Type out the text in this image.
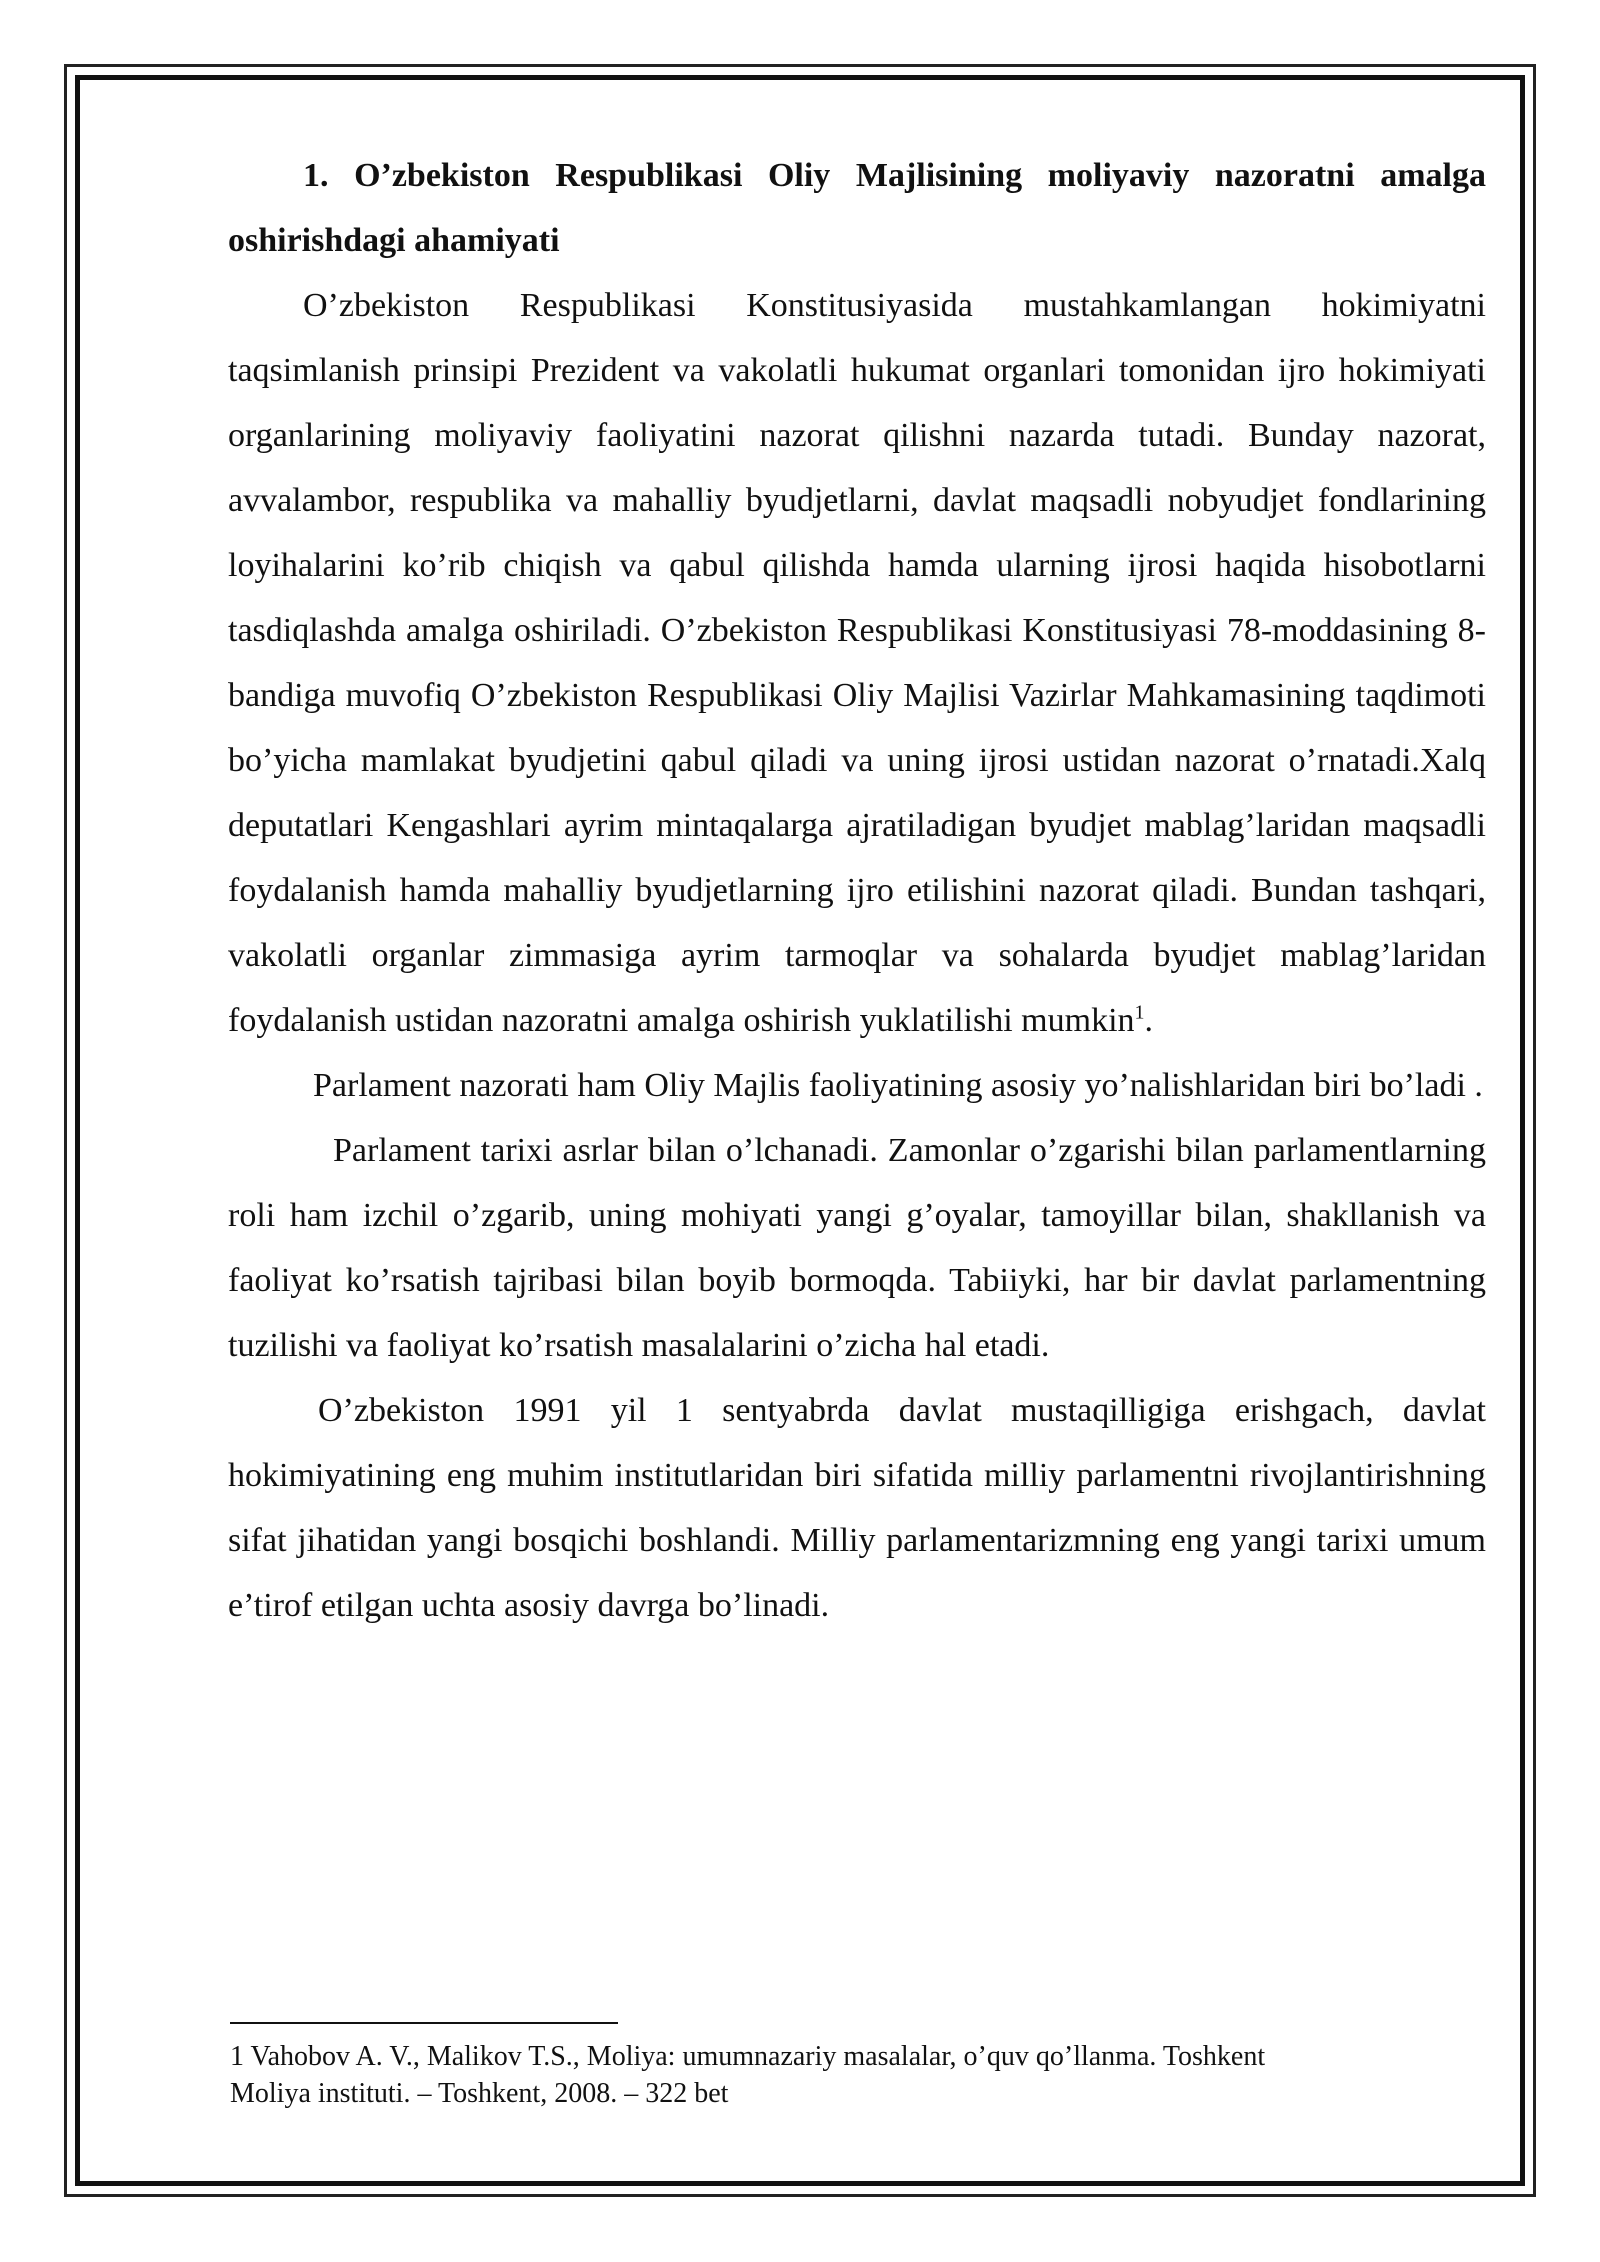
1. O’zbekiston Respublikasi Oliy Majlisining moliyaviy nazoratni amalga oshirishdagi ahamiyati

O’zbekiston Respublikasi Konstitusiyasida mustahkamlangan hokimiyatni taqsimlanish prinsipi Prezident va vakolatli hukumat organlari tomonidan ijro hokimiyati organlarining moliyaviy faoliyatini nazorat qilishni nazarda tutadi. Bunday nazorat, avvalambor, respublika va mahalliy byudjetlarni, davlat maqsadli nobyudjet fondlarining loyihalarini ko’rib chiqish va qabul qilishda hamda ularning ijrosi haqida hisobotlarni tasdiqlashda amalga oshiriladi. O’zbekiston Respublikasi Konstitusiyasi 78-moddasining 8-bandiga muvofiq O’zbekiston Respublikasi Oliy Majlisi Vazirlar Mahkamasining taqdimoti bo’yicha mamlakat byudjetini qabul qiladi va uning ijrosi ustidan nazorat o’rnatadi.Xalq deputatlari Kengashlari ayrim mintaqalarga ajratiladigan byudjet mablag’laridan maqsadli foydalanish hamda mahalliy byudjetlarning ijro etilishini nazorat qiladi. Bundan tashqari, vakolatli organlar zimmasiga ayrim tarmoqlar va sohalarda byudjet mablag’laridan foydalanish ustidan nazoratni amalga oshirish yuklatilishi mumkin$^1$.

Parlament nazorati ham Oliy Majlis faoliyatining asosiy yo’nalishlaridan biri bo’ladi .

Parlament tarixi asrlar bilan o’lchanadi. Zamonlar o’zgarishi bilan parlamentlarning roli ham izchil o’zgarib, uning mohiyati yangi g’oyalar, tamoyillar bilan, shakllanish va faoliyat ko’rsatish tajribasi bilan boyib bormoqda. Tabiiyki, har bir davlat parlamentning tuzilishi va faoliyat ko’rsatish masalalarini o’zicha hal etadi.

O’zbekiston 1991 yil 1 sentyabrda davlat mustaqilligiga erishgach, davlat hokimiyatining eng muhim institutlaridan biri sifatida milliy parlamentni rivojlantirishning sifat jihatidan yangi bosqichi boshlandi. Milliy parlamentarizmning eng yangi tarixi umum e’tirof etilgan uchta asosiy davrga bo’linadi.

1 Vahobov A. V., Malikov T.S., Moliya: umumnazariy masalalar, o’quv qo’llanma. Toshkent
Moliya instituti. – Toshkent, 2008. – 322 bet
